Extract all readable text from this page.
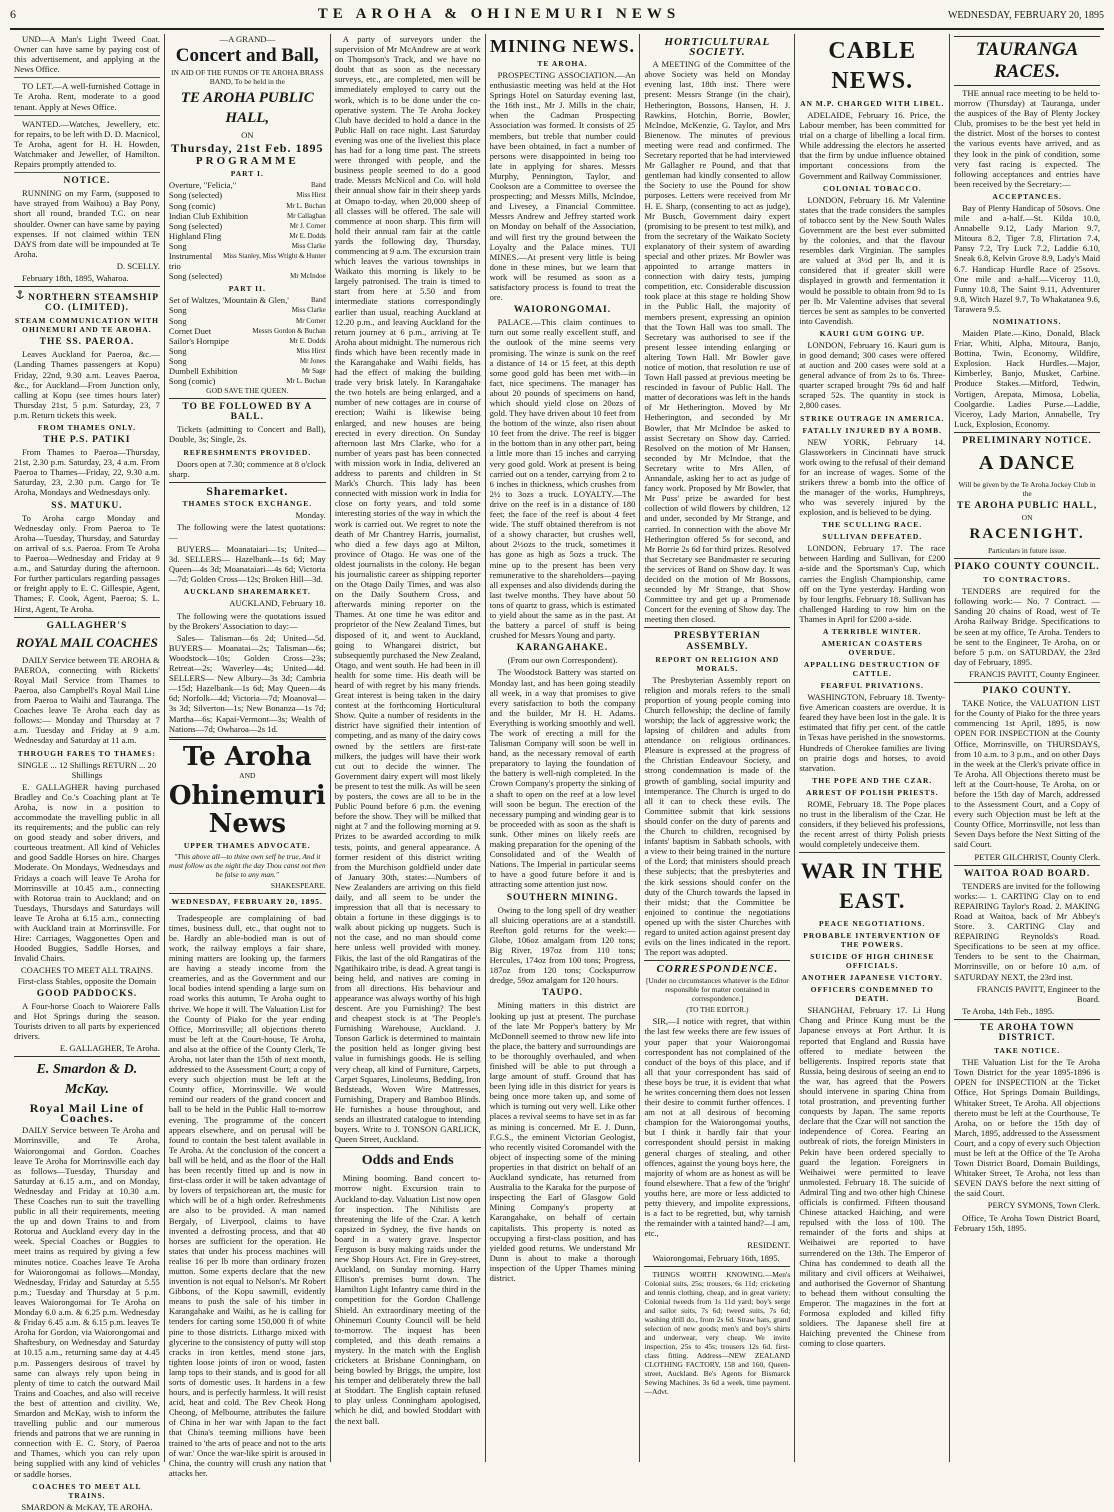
6	TE AROHA & OHINEMURI NEWS	WEDNESDAY, FEBRUARY 20, 1895

UND—A Man's Light Tweed Coat. Owner can have same by paying cost of this advertisement, and applying at the News Office.

TO LET.—A well-furnished Cottage in Te Aroha. Rent, moderate to a good tenant. Apply at News Office.

WANTED.—Watches, Jewellery, etc. for repairs, to be left with D. D. Macnicol, Te Aroha, agent for H. H. Howden, Watchmaker and Jeweller, of Hamilton. Repairs promptly attended to.

NOTICE.

RUNNING on my Farm, (supposed to have strayed from Waihou) a Bay Pony, short all round, branded T.C. on near shoulder. Owner can have same by paying expenses. If not claimed within TEN DAYS from date will be impounded at Te Aroha.

D. SCELLY.

February 18th, 1895, Waharoa.

NORTHERN STEAMSHIP CO. (LIMITED).
STEAM COMMUNICATION WITH OHINEMURI AND TE AROHA.
THE SS. PAEROA.

Leaves Auckland for Paeroa, &c.—(Landing Thames passengers at Kopu) Friday, 22nd, 9.30 a.m. Leaves Paeroa, &c., for Auckland—From Junction only, calling at Kopu (see times hours later) Thursday 21st, 5 p.m. Saturday, 23, 7 p.m. Return tickets this week.

FROM THAMES ONLY.
THE P.S. PATIKI

From Thames to Paeroa—Thursday, 21st, 2.30 p.m. Saturday, 23, 4 a.m. From Paeroa to Thames—Friday, 22, 9.30 a.m. Saturday, 23, 2.30 p.m. Cargo for Te Aroha, Mondays and Wednesdays only.

SS. MATUKU.

To Aroha cargo Monday and Wednesday only. From Paeroa to Te Aroha—Tuesday, Thursday, and Saturday on arrival of s.s. Paeroa. From Te Aroha to Paeroa—Wednesday and Friday at 9 a.m., and Saturday during the afternoon. For further particulars regarding passages or freight apply to E. C. Gillespie, Agent, Thames; F. Cook, Agent, Paeroa; S. L. Hirst, Agent, Te Aroha.

GALLAGHER'S
ROYAL MAIL COACHES

DAILY Service between TE AROHA & PAEROA, connecting with Ricketts' Royal Mail Service from Thames to Paeroa, also Campbell's Royal Mail Line from Paeroa to Waihi and Tauranga. The Coaches leave Te Aroha each day as follows:— Monday and Thursday at 7 a.m. Tuesday and Friday at 9 a.m. Wednesday and Saturday at 11 a.m.

THROUGH FARES TO THAMES:

SINGLE ... 12 Shillings RETURN ... 20 Shillings

E. GALLAGHER having purchased Bradley and Co.'s Coaching plant at Te Aroha, is now in a position to accommodate the travelling public in all its requirements; and the public can rely on good steady and sober drivers, and courteous treatment. All kind of Vehicles and good Saddle Horses on hire. Charges Moderate. On Mondays, Wednesdays and Fridays a coach will leave Te Aroha for Morrinsville at 10.45 a.m., connecting with Rotorua train to Auckland; and on Tuesdays, Thursdays and Saturdays will leave Te Aroha at 6.15 a.m., connecting with Auckland train at Morrinsville. For Hire: Carriages, Waggonettes Open and Hooded Buggies, Saddle Horses, and Invalid Chairs.

COACHES TO MEET ALL TRAINS. First-class Stables, opposite the Domain

GOOD PADDOCKS.

A Four-horse Coach to Waiorere Falls and Hot Springs during the season. Tourists driven to all parts by experienced drivers.

E. GALLAGHER, Te Aroha.

E. Smardon & D. McKay.
Royal Mail Line of Coaches.

DAILY Service between Te Aroha and Morrinsville, and Te Aroha, Waiorongomai and Gordon. Coaches leave Te Aroha for Morrinsville each day as follows—Tuesday, Thursday and Saturday at 6.15 a.m., and on Monday, Wednesday and Friday at 10.30 a.m. These Coaches run to suit the travelling public in all their requirements, meeting the up and down Trains to and from Rotorua and Auckland every day in the week. Special Coaches or Buggies to meet trains as required by giving a few minutes notice. Coaches leave Te Aroha for Waiorongomai as follows—Monday, Wednesday, Friday and Saturday at 5.55 p.m.; Tuesday and Thursday at 5 p.m. leaves Waiorongomai for Te Aroha on Monday 6.0 a.m. & 6.25 p.m. Wednesday & Friday 6.45 a.m. & 6.15 p.m. leaves Te Aroha for Gordon, via Waiorongomai and Shaftesbury, on Wednesday and Saturday at 10.15 a.m., returning same day at 4.45 p.m. Passengers desirous of travel by same can always rely upon being in plenty of time to catch the outward Mail Trains and Coaches, and also will receive the best of attention and civility. We, Smardon and McKay, wish to inform the travelling public and our numerous friends and patrons that we are running in connection with E. C. Story, of Paeroa and Thames, which you can rely upon being supplied with any kind of vehicles or saddle horses.

COACHES TO MEET ALL TRAINS.

SMARDON & McKAY, TE AROHA.

—A GRAND—

Concert and Ball,

IN AID OF THE FUNDS OF TE AROHA BRASS BAND, To be held in the

TE AROHA PUBLIC HALL,

ON

Thursday, 21st Feb. 1895
PROGRAMME
PART I.
Overture, "Felicia,"	Band
Song (selected)	Miss Hirst
Song (comic)	Mr L. Buchan
Indian Club Exhibition	Mr Callaghan
Song (selected)	Mr J. Corner
Highland Fling	Mr E. Dodds
Song	Miss Clarke
Instrumental trio
Miss Stanley, Miss Wright & Hunter
Song (selected)	Mr McIndoe
PART II.
Set of Waltzes, 'Mountain & Glen,'	Band
Song	Miss Clarke
Song	Mr Corner
Cornet Duet	Messrs Gordon & Buchan
Sailor's Hornpipe	Mr E. Dodds
Song	Miss Hirst
Song	Mr Jones
Dumbell Exhibition	Mr Sage
Song (comic)	Mr L. Buchan

GOD SAVE THE QUEEN.

TO BE FOLLOWED BY A BALL.

Tickets (admitting to Concert and Ball), Double, 3s; Single, 2s.

REFRESHMENTS PROVIDED.

Doors open at 7.30; commence at 8 o'clock sharp.

Sharemarket.
THAMES STOCK EXCHANGE.

Monday.

The following were the latest quotations:—

BUYERS— Moanataiari—1s; United—3d. SELLERS— Hazelbank—1s 6d; May Queen—4s 3d; Moanataiari—4s 6d; Victoria—7d; Golden Cross—12s; Broken Hill—3d.

AUCKLAND SHAREMARKET.

AUCKLAND, February 18.

The following were the quotations issued by the Brokers' Association to day:—

Sales— Talisman—6s 2d; United—5d. BUYERS— Moanatai—2s; Talisman—6s; Woodstock—10s; Golden Cross—23s; Retreat—2s; Waverley—4s; United—4d. SELLERS— New Albury—3s 3d; Cambria—15d; Hazelbank—1s 6d; May Queen—4s 6d; Norfolk—4d; Victoria—7d; Moanoval—3s 3d; Silverton—1s; New Bonanza—1s 7d; Martha—6s; Kapai-Vermont—3s; Wealth of Nations—7d; Owharoa—2s 1d.

Te Aroha

AND

Ohinemuri News
UPPER THAMES ADVOCATE.

"This above all—to thine own self be true, And it must follow as the night the day Thou canst not then be false to any man."

SHAKESPEARE.

WEDNESDAY, FEBRUARY 20, 1895.

Tradespeople are complaining of bad times, business dull, etc., that ought not to be. Hardly an able-bodied man is out of work, the railway employs a fair share, mining matters are looking up, the farmers are having a steady income from the creameries, and as the Government and our local bodies intend spending a large sum on road works this autumn, Te Aroha ought to thrive. We hope it will. The Valuation List for the County of Piako for the year ending Office, Morrinsville; all objections thereto must be left at the Court-house, Te Aroha, and also at the office of the County Clerk, Te Aroha, not later than the 15th of next month, addressed to the Assessment Court; a copy of every such objection must be left at the County office, Morrinsville. We would remind our readers of the grand concert and ball to be held in the Public Hall to-morrow evening. The programme of the concert appears elsewhere, and on perusal will be found to contain the best talent available in Te Aroha. At the conclusion of the concert a ball will be held, and as the floor of the Hall has been recently fitted up and is now in first-class order it will be taken advantage of by lovers of terpsichorean art, the music for which will be of a high order. Refreshments are also to be provided. A man named Bergaly, of Liverpool, claims to have invented a defrosting process, and that 40 horses are sufficient for the operation. He states that under his process machines will realise 16 per lb more than ordinary frozen mutton. Some experts declare that the new invention is not equal to Nelson's. Mr Robert Gibbons, of the Kopu sawmill, evidently means to push the sale of his timber in Karangahake and Waihi, as he is calling for tenders for carting some 150,000 ft of white pine to those districts. Lithargo mixed with glycerine to the consistency of putty will stop cracks in iron kettles, mend stone jars, tighten loose joints of iron or wood, fasten lamp tops to their stands, and is good for all sorts of domestic uses. It hardens in a few hours, and is perfectly harmless. It will resist acid, heat and cold. The Rev Cheok Hong Cheong, of Melbourne, attributes the failure of China in her war with Japan to the fact that China's teeming millions have been trained to 'the arts of peace and not to the arts of war.' Once the war-like spirit is aroused in China, the country will crush any nation that attacks her.

A party of surveyors under the supervision of Mr McAndrew are at work on Thompson's Track, and we have no doubt that as soon as the necessary surveys, etc., are completed, men will be immediately employed to carry out the work, which is to be done under the co-operative system. The Te Aroha Jockey Club have decided to hold a dance in the Public Hall on race night. Last Saturday evening was one of the liveliest this place has had for a long time past. The streets were thronged with people, and the business people seemed to do a good trade. Messrs McNicol and Co. will hold their annual show fair in their sheep yards at Omapo to-day, when 20,000 sheep of all classes will be offered. The sale will commence at noon sharp. This firm will hold their annual ram fair at the cattle yards the following day, Thursday, commencing at 9 a.m. The excursion train which leaves the various townships in Waikato this morning is likely to be largely patronised. The train is timed to start from here at 5.50 and from intermediate stations correspondingly earlier than usual, reaching Auckland at 12.20 p.m., and leaving Auckland for the return journey at 6 p.m., arriving at Te Aroha about midnight. The numerous rich finds which have been recently made in the Karangahake and Waihi fields, has had the effect of making the building trade very brisk lately. In Karangahake the two hotels are being enlarged, and a number of new cottages are in course of erection; Waihi is likewise being enlarged, and new houses are being erected in every direction. On Sunday afternoon last Mrs Clarke, who for a number of years past has been connected with mission work in India, delivered an address to parents and children in St Mark's Church. This lady has been connected with mission work in India for close on forty years, and told some interesting stories of the way in which the work is carried out. We regret to note the death of Mr Chantrey Harris, journalist, who died a few days ago at Milton, province of Otago. He was one of the oldest journalists in the colony. He began his journalistic career as shipping reporter on the Otago Daily Times, and was also on the Daily Southern Cross, and afterwards mining reporter on the Thames. At one time he was editor and proprietor of the New Zealand Times, but disposed of it, and went to Auckland, going to Whangarei district, but subsequently purchased the New Zealand, Otago, and went south. He had been in ill health for some time. His death will be heard of with regret by his many friends. Great interest is being taken in the dairy contest at the forthcoming Horticultural Show. Quite a number of residents in the district have signified their intention of competing, and as many of the dairy cows owned by the settlers are first-rate milkers, the judges will have their work cut out to decide the winner. The Government dairy expert will most likely be present to test the milk. As will be seen by posters, the cows are all to be in the Public Pound before 6 p.m. the evening before the show. They will be milked that night at 7 and the following morning at 9. Prizes to be awarded according to milk tests, points, and general appearance. A former resident of this district writing from the Murchison goldfield under date of January 30th, states:—Numbers of New Zealanders are arriving on this field daily, and all seem to be under the impression that all that is necessary to obtain a fortune in these diggings is to walk about picking up nuggets. Such is not the case, and no man should come here unless well provided with money. Fikis, the last of the old Rangatiras of the Ngatihikairo tribe, is dead. A great tangi is being held, and natives are coming in from all directions. His behaviour and appearance was always worthy of his high descent. Are you Furnishing? The best and cheapest stock is at 'The People's Furnishing Warehouse, Auckland. J. Tonson Garlick is determined to maintain the position held as longer giving best value in furnishings goods. He is selling very cheap, all kind of Furniture, Carpets, Carpet Squares, Linoleums, Bedding, Iron Bedsteads, Woven Wire Mattresses, Furnishing, Drapery and Bamboo Blinds. He furnishes a house throughout, and sends an illustrated catalogue to intending buyers. Write to J. TONSON GARLICK, Queen Street, Auckland.

Odds and Ends

Mining booming. Band concert to-morrow night. Excursion train to Auckland to-day. Valuation List now open for inspection. The Nihilists are threatening the life of the Czar. A ketch capsized in Sydney, the five hands on board in a watery grave. Inspector Ferguson is busy making raids under the new Shop Hours Act. Fire in Grey-street, Auckland, on Sunday morning. Harry Ellison's premises burnt down. The Hamilton Light Infantry came third in the competition for the Gordon Challenge Shield. An extraordinary meeting of the Ohinemuri County Council will be held to-morrow. The inquest has been completed, and this death remains a mystery. In the match with the English cricketers at Brisbane Conningham, on being bowled by Briggs, the umpire, lost his temper and deliberately threw the ball at Stoddart. The English captain refused to play unless Conningham apologised, which he did, and bowled Stoddart with the next ball.

MINING NEWS.
TE AROHA.

PROSPECTING ASSOCIATION.—An enthusiastic meeting was held at the Hot Springs Hotel on Saturday evening last, the 16th inst., Mr J. Mills in the chair, when the Cadman Prospecting Association was formed. It consists of 25 members, but treble that number could have been obtained, in fact a number of persons were disappointed in being too late in applying for shares. Messrs Murphy, Pennington, Taylor, and Cookson are a Committee to oversee the prospecting; and Messrs Mills, McIndoe, and Livesey, a Financial Committee. Messrs Andrew and Jeffrey started work on Monday on behalf of the Association, and will first try the ground between the Loyalty and the Palace mines. TUI MINES.—At present very little is being done in these mines, but we learn that work will be resumed as soon as a satisfactory process is found to treat the ore.

WAIORONGOMAI.

PALACE.—This claim continues to turn out some really excellent stuff, and the outlook of the mine seems very promising. The winze is sunk on the reef a distance of 14 or 15 feet, at this depth some good gold has been met with—in fact, nice specimens. The manager has about 20 pounds of specimens on hand, which should yield close on 20ozs of gold. They have driven about 10 feet from the bottom of the winze, also risen about 10 feet from the drive. The reef is bigger in the bottom than in any other part, being a little more than 15 inches and carrying very good gold. Work at present is being carried out on a tender, carrying from 2 to 6 inches in thickness, which crushes from 2½ to 3ozs a truck. LOYALTY.—The drive on the reef is in a distance of 180 feet; the face of the reef is about 4 feet wide. The stuff obtained therefrom is not of a showy character, but crushes well, about 2½ozs to the truck, sometimes it has gone as high as 5ozs a truck. The mine up to the present has been very remunerative to the shareholders—paying all expenses and also dividends during the last twelve months. They have about 50 tons of quartz to grass, which is estimated to yield about the same as in the past. At the battery a parcel of stuff is being crushed for Messrs Young and party.

KARANGAHAKE.

(From our own Correspondent).

The Woodstock Battery was started on Monday last, and has been going steadily all week, in a way that promises to give every satisfaction to both the company and the builder, Mr H. H. Adams. Everything is working smoothly and well. The work of erecting a mill for the Talisman Company will soon be well in hand, as the necessary removal of earth preparatory to laying the foundation of the battery is well-nigh completed. In the Crown Company's property the sinking of a shaft to open on the reef at a low level will soon be begun. The erection of the necessary pumping and winding gear is to be proceeded with as soon as the shaft is sunk. Other mines on likely reefs are making preparation for the opening of the Consolidated and of the Wealth of Nations. The Imperial in particular seems to have a good future before it and is attracting some attention just now.

SOUTHERN MINING.

Owing to the long spell of dry weather all sluicing operations are at a standstill. Reefton gold returns for the week:—Globe, 106oz amalgam from 120 tons; Big River, 197oz from 110 tons; Hercules, 174oz from 100 tons; Progress, 187oz from 120 tons; Cockspurrow dredge, 59oz amalgam for 120 hours.

TAUPO.

Mining matters in this district are looking up just at present. The purchase of the late Mr Popper's battery by Mr McDonnell seemed to throw new life into the place, the battery and surroundings are to be thoroughly overhauled, and when finished will be able to put through a large amount of stuff. Ground that has been lying idle in this district for years is being once more taken up, and some of which is turning out very well. Like other places a revival seems to have set in as far as mining is concerned. Mr E. J. Dunn, F.G.S., the eminent Victorian Geologist, who recently visited Coromandel with the object of inspecting some of the mining properties in that district on behalf of an Auckland syndicate, has returned from Australia to the Karaka for the purpose of inspecting the Earl of Glasgow Gold Mining Company's property at Karangahake, on behalf of certain capitalists. This property is noted as occupying a first-class position, and has yielded good returns. We understand Mr Dunn is about to make a thorough inspection of the Upper Thames mining district.

HORTICULTURAL SOCIETY.

A MEETING of the Committee of the above Society was held on Monday evening last, 18th inst. There were present: Messrs Strange (in the chair), Hetherington, Bossons, Hansen, H. J. Rawkins, Hotchin, Borrie, Bowler, McIndoe, McKenzie, G. Taylor, and Mrs Bienenow. The minutes of previous meeting were read and confirmed. The Secretary reported that he had interviewed Mr Gallagher re Pound, and that that gentleman had kindly consented to allow the Society to use the Pound for show purposes. Letters were received from Mr H. E. Sharp, (consenting to act as judge), Mr Busch, Government dairy expert (promising to be present to test milk), and from the secretary of the Waikato Society explanatory of their system of awarding special and other prizes. Mr Bowler was appointed to arrange matters in connection with dairy tests, jumping competition, etc. Considerable discussion took place at this stage re holding Show in the Public Hall, the majority of members present, expressing an opinion that the Town Hall was too small. The Secretary was authorised to see if the present lessee intending enlarging or altering Town Hall. Mr Bowler gave notice of motion, that resolution re use of Town Hall passed at previous meeting be rescinded in favour of Public Hall. The matter of decorations was left in the hands of Mr Hetherington. Moved by Mr Hetherington, and seconded by Mr Bowler, that Mr McIndoe be asked to assist Secretary on Show day. Carried. Resolved on the motion of Mr Hansen, seconded by Mr McIndoe, that the Secretary write to Mrs Allen, of Annandale, asking her to act as judge of fancy work. Proposed by Mr Bowler, that Mr Puss' prize be awarded for best collection of wild flowers by children, 12 and under, seconded by Mr Strange, and carried. In connection with the above Mr Hetherington offered 5s for second, and Mr Borrie 2s 6d for third prizes. Resolved that Secretary see Bandmaster re securing the services of Band on Show day. It was decided on the motion of Mr Bossons, seconded by Mr Strange, that Show Committee try and get up a Promenade Concert for the evening of Show day. The meeting then closed.

PRESBYTERIAN ASSEMBLY.
REPORT ON RELIGION AND MORALS.

The Presbyterian Assembly report on religion and morals refers to the small proportion of young people coming into Church fellowship; the decline of family worship; the lack of aggressive work; the lapsing of children and adults from attendance on religious ordinances. Pleasure is expressed at the progress of the Christian Endeavour Society, and strong condemnation is made of the growth of gambling, social impurity and intemperance. The Church is urged to do all it can to check these evils. The Committee submit that kirk sessions should confer on the duty of parents and the Church to children, recognised by infants' baptism in Sabbath schools, with a view to their being trained in the nurture of the Lord; that ministers should preach these subjects; that the presbyteries and the kirk sessions should confer on the duty of the Church towards the lapsed in their midst; that the Committee be enjoined to continue the negotiations opened up with the sister Churches with regard to united action against present day evils on the lines indicated in the report. The report was adopted.

CORRESPONDENCE.

[Under no circumstances whatever is the Editor responsible for matter contained in correspondence.]

(TO THE EDITOR.)

SIR,—I notice with regret, that within the last few weeks there are few issues of your paper that your Waiorongomai correspondent has not complained of the conduct of the boys of this place, and if all that your correspondent has said of these boys be true, it is evident that what he writes concerning them does not lessen their desire to commit further offences. I am not at all desirous of becoming champion for the Waiorongomai youths, but I think it hardly fair that your correspondent should persist in making general charges of stealing, and other offences, against the young boys here, the majority of whom are as honest as will be found elsewhere. That a few of the 'bright' youths here, are more or less addicted to petty thievery, and impolite expressions, is a fact to be regretted, but, why tarnish the remainder with a tainted hand?—I am, etc.,

RESIDENT.

Waiorongomai, February 16th, 1895.

THINGS WORTH KNOWING.—Men's Colonial suits, 25s; trousers, 6s 11d; cricketing and tennis clothing, cheap, and in great variety; Colonial tweeds from 1s 11d yard; boy's serge and sailor suits, 7s 6d; tweed suits, 7s 6d; washing drill do., from 2s 6d. Straw hats, grand selection of new goods; men's and boy's shirts and underwear, very cheap. We invite inspection, 25s to 45s; trousers 12s 6d. first-class fitting. Address—NEW ZEALAND CLOTHING FACTORY, 158 and 160, Queen-street, Auckland. Be's Agents for Bismarck Sewing Machines, 3s 6d a week, time payment.—Advt.

CABLE NEWS.
AN M.P. CHARGED WITH LIBEL.

ADELAIDE, February 16. Price, the Labour member, has been committed for trial on a charge of libelling a local firm. While addressing the electors he asserted that the firm by undue influence obtained important concessions from the Government and Railway Commissioner.

COLONIAL TOBACCO.

LONDON, February 16. Mr Valentine states that the trade considers the samples of tobacco sent by the New South Wales Government are the best ever submitted by the colonies, and that the flavour resembles dark Virginian. The samples are valued at 3½d per lb, and it is considered that if greater skill were displayed in growth and fermentation it would be possible to obtain from 9d to 1s per lb. Mr Valentine advises that several tierces be sent as samples to be converted into Cavendish.

KAURI GUM GOING UP.

LONDON, February 16. Kauri gum is in good demand; 300 cases were offered at auction and 200 cases were sold at a general advance of from 2s to 6s. Three-quarter scraped brought 79s 6d and half scraped 52s. The quantity in stock is 2,800 cases.

STRIKE OUTRAGE IN AMERICA.
FATALLY INJURED BY A BOMB.

NEW YORK, February 14. Glassworkers in Cincinnati have struck work owing to the refusal of their demand for an increase of wages. Some of the strikers threw a bomb into the office of the manager of the works, Humphreys, who was severely injured by the explosion, and is believed to be dying.

THE SCULLING RACE.
SULLIVAN DEFEATED.

LONDON, February 17. The race between Harding and Sullivan, for £200 a-side and the Sportsman's Cup, which carries the English Championship, came off on the Tyne yesterday. Harding won by four lengths. February 18. Sullivan has challenged Harding to row him on the Thames in April for £200 a-side.

A TERRIBLE WINTER.
AMERICAN COASTERS OVERDUE.
APPALLING DESTRUCTION OF CATTLE.
FEARFUL PRIVATIONS.

WASHINGTON, February 18. Twenty-five American coasters are overdue. It is feared they have been lost in the gale. It is estimated that fifty per cent. of the cattle in Texas have perished in the snowstorms. Hundreds of Cherokee families are living on prairie dogs and horses, to avoid starvation.

THE POPE AND THE CZAR.
ARREST OF POLISH PRIESTS.

ROME, February 18. The Pope places no trust in the liberalism of the Czar. He considers, if they believed his professions, the recent arrest of thirty Polish priests would completely undeceive them.

WAR IN THE EAST.
PEACE NEGOTIATIONS.
PROBABLE INTERVENTION OF THE POWERS.
SUICIDE OF HIGH CHINESE OFFICIALS.
ANOTHER JAPANESE VICTORY.
OFFICERS CONDEMNED TO DEATH.

SHANGHAI, February 17. Li Hung Chang and Prince Kung must be the Japanese envoys at Port Arthur. It is reported that England and Russia have offered to mediate between the belligerents. Inspired reports state that Russia, being desirous of seeing an end to the war, has agreed that the Powers should intervene in sparing China from total prostration, and preventing further conquests by Japan. The same reports declare that the Czar will not sanction the independence of Corea. Fearing an outbreak of riots, the foreign Ministers in Pekin have been ordered specially to guard the legation. Foreigners in Weihaiwei were permitted to leave unmolested. February 18. The suicide of Admiral Ting and two other high Chinese officials is confirmed. Fifteen thousand Chinese attacked Haiching, and were repulsed with the loss of 100. The remainder of the forts and ships at Weihaiwei are reported to have surrendered on the 13th. The Emperor of China has condemned to death all the military and civil officers at Weihaiwei, and authorised the Governor of Shantung to behead them without consulting the Emperor. The magazines in the fort at Formosa exploded and killed fifty soldiers. The Japanese shell fire at Haiching prevented the Chinese from coming to close quarters.

TAURANGA RACES.

THE annual race meeting to be held to-morrow (Thursday) at Tauranga, under the auspices of the Bay of Plenty Jockey Club, promises to be the best yet held in the district. Most of the horses to contest the various events have arrived, and as they look in the pink of condition, some very fast racing is expected. The following acceptances and entries have been received by the Secretary:—

ACCEPTANCES.

Bay of Plenty Handicap of 50sovs. One mile and a-half.—St. Kilda 10.0, Annabelle 9.12, Lady Marion 9.7, Mitoura 8.2, Tiger 7.8, Flirtation 7.4, Pansy 7.2, Try Luck 7.2, Laddie 6.10, Sneak 6.8, Kelvin Grove 8.9, Lady's Maid 6.7. Handicap Hurdle Race of 25sovs. One mile and a-half.—Viceroy 11.0, Funny 10.8, The Saint 9.11, Adventurer 9.8, Witch Hazel 9.7, To Whakatanea 9.6, Tarawera 9.5.

NOMINATIONS.

Maiden Plate.—Kino, Donald, Black Friar, Whiti, Alpha, Mitoura, Banjo, Bottina, Twin, Economy, Wildfire, Explosion. Hack Hurdles.—Major, Kimberley, Banjo, Musket, Carbine. Produce Stakes.—Mitford, Tedwin, Vortigen, Arepata, Mimosa, Lobelia, Coolgardie. Ladies Purse.—Laddie, Viceroy, Lady Marion, Annabelle, Try Luck, Explosion, Economy.

PRELIMINARY NOTICE.
A DANCE

Will be given by the Te Aroha Jockey Club in the

TE AROHA PUBLIC HALL,

ON

RACENIGHT.

Particulars in future issue.

PIAKO COUNTY COUNCIL.
TO CONTRACTORS.

TENDERS are required for the following work:— No. 7 Contract. — Sanding 20 chains of Road, west of Te Aroha Railway Bridge. Specifications to be seen at my office, Te Aroha. Tenders to be sent to the Engineer, Te Aroha, on or before 5 p.m. on SATURDAY, the 23rd day of February, 1895.

FRANCIS PAVITT, County Engineer.

PIAKO COUNTY.

TAKE Notice, the VALUATION LIST for the County of Piako for the three years commencing 1st April, 1895, is now OPEN FOR INSPECTION at the County Office, Morrinsville, on THURSDAYS, from 10 a.m. to 3 p.m., and on other Days in the week at the Clerk's private office in Te Aroha. All Objections thereto must be left at the Court-house, Te Aroha, on or before the 15th day of March, addressed to the Assessment Court, and a Copy of every such Objection must be left at the County Office, Morrinsville, not less than Seven Days before the Next Sitting of the said Court.

PETER GILCHRIST, County Clerk.

WAITOA ROAD BOARD.

TENDERS are invited for the following works:— 1. CARTING Clay on to end REPAIRING Taylor's Road. 2. MAKING Road at Waitoa, back of Mr Abbey's Store. 3. CARTING Clay and REPAIRING Reynolds's Road. Specifications to be seen at my office. Tenders to be sent to the Chairman, Morrinsville, on or before 10 a.m. of SATURDAY NEXT, the 23rd inst.

FRANCIS PAVITT, Engineer to the Board.

Te Aroha, 14th Feb., 1895.

TE AROHA TOWN DISTRICT.
TAKE NOTICE.

THE Valuation List for the Te Aroha Town District for the year 1895-1896 is OPEN for INSPECTION at the Ticket Office, Hot Springs Domain Buildings, Whitaker Street, Te Aroha. All objections thereto must be left at the Courthouse, Te Aroha, on or before the 15th day of March, 1895, addressed to the Assessment Court, and a copy of every such Objection must be left at the Office of the Te Aroha Town District Board, Domain Buildings, Whitaker Street, Te Aroha, not less than SEVEN DAYS before the next sitting of the said Court.

PERCY SYMONS, Town Clerk.

Office, Te Aroha Town District Board, February 15th, 1895.
